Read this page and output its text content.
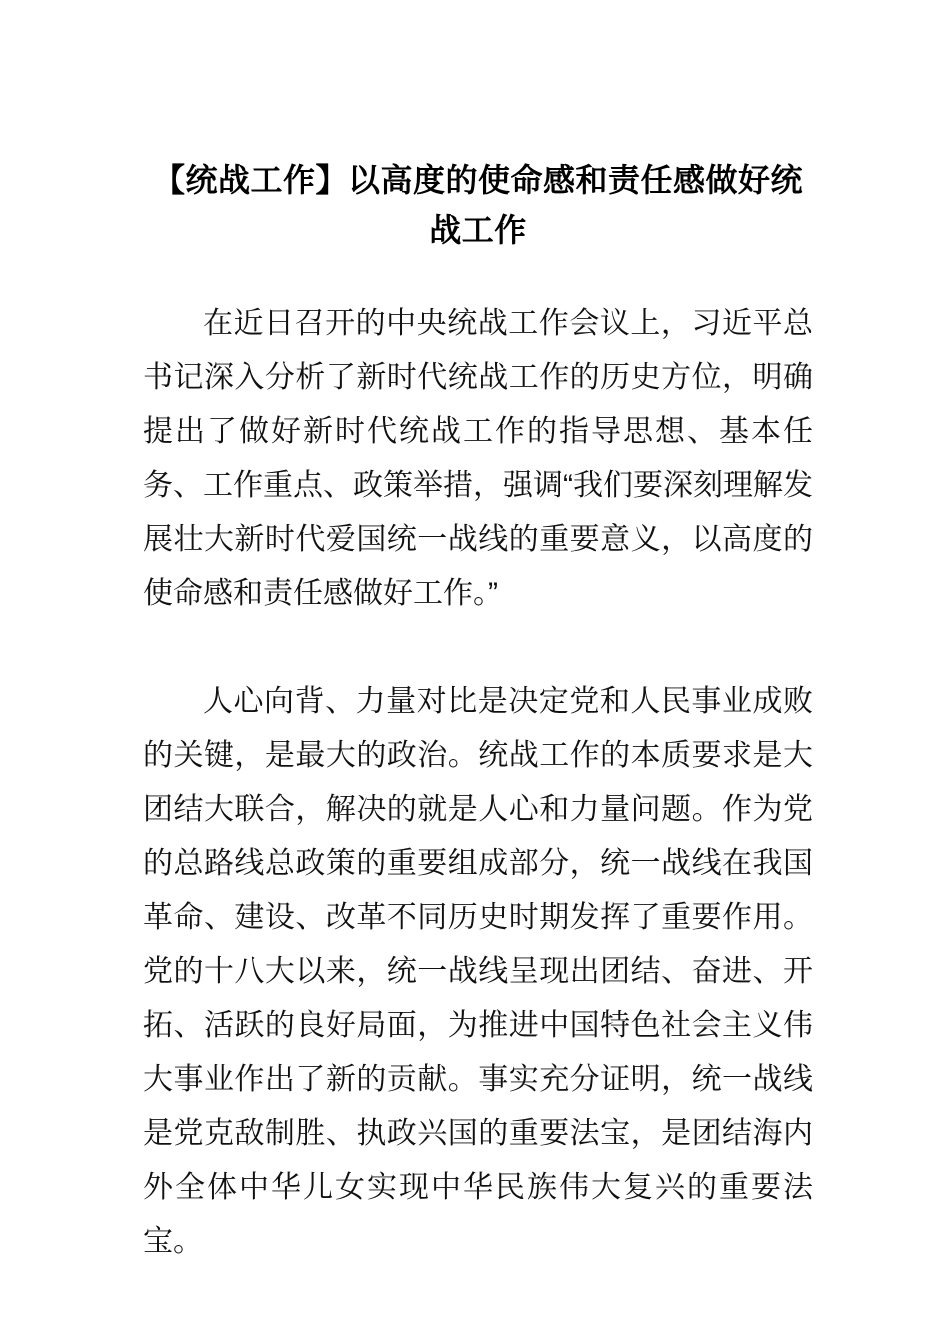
【统战工作】以高度的使命感和责任感做好统战工作

在近日召开的中央统战工作会议上，习近平总书记深入分析了新时代统战工作的历史方位，明确提出了做好新时代统战工作的指导思想、基本任务、工作重点、政策举措，强调“我们要深刻理解发展壮大新时代爱国统一战线的重要意义，以高度的使命感和责任感做好工作。”

人心向背、力量对比是决定党和人民事业成败的关键，是最大的政治。统战工作的本质要求是大团结大联合，解决的就是人心和力量问题。作为党的总路线总政策的重要组成部分，统一战线在我国革命、建设、改革不同历史时期发挥了重要作用。党的十八大以来，统一战线呈现出团结、奋进、开拓、活跃的良好局面，为推进中国特色社会主义伟大事业作出了新的贡献。事实充分证明，统一战线是党克敌制胜、执政兴国的重要法宝，是团结海内外全体中华儿女实现中华民族伟大复兴的重要法宝。
